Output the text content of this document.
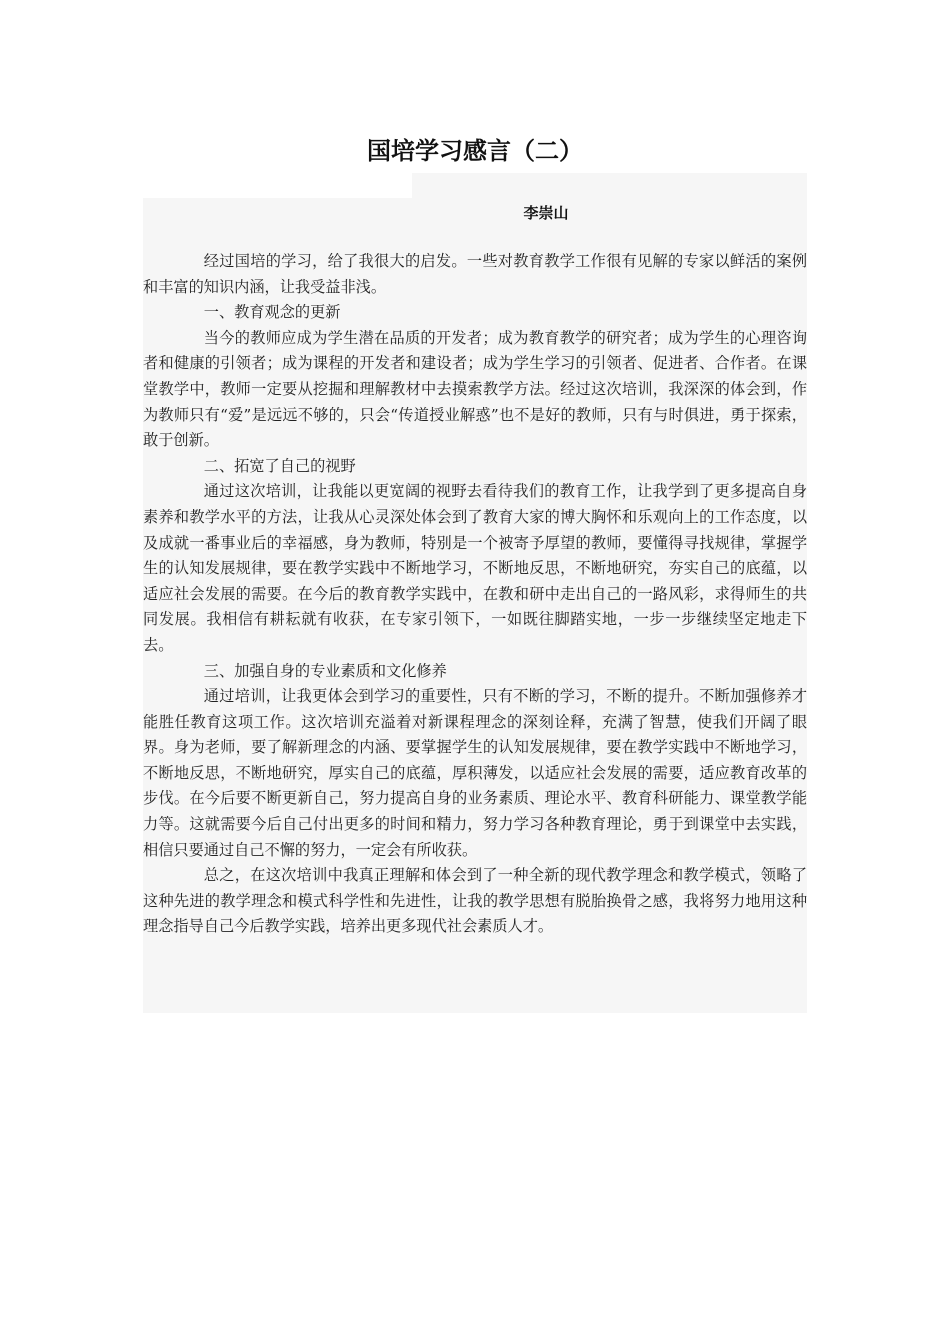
国培学习感言（二）
李崇山

经过国培的学习，给了我很大的启发。一些对教育教学工作很有见解的专家以鲜活的案例和丰富的知识内涵，让我受益非浅。

一、教育观念的更新

当今的教师应成为学生潜在品质的开发者；成为教育教学的研究者；成为学生的心理咨询者和健康的引领者；成为课程的开发者和建设者；成为学生学习的引领者、促进者、合作者。在课堂教学中，教师一定要从挖掘和理解教材中去摸索教学方法。经过这次培训，我深深的体会到，作为教师只有“爱”是远远不够的，只会“传道授业解惑”也不是好的教师，只有与时俱进，勇于探索，敢于创新。

二、拓宽了自己的视野

通过这次培训，让我能以更宽阔的视野去看待我们的教育工作，让我学到了更多提高自身素养和教学水平的方法，让我从心灵深处体会到了教育大家的博大胸怀和乐观向上的工作态度，以及成就一番事业后的幸福感，身为教师，特别是一个被寄予厚望的教师，要懂得寻找规律，掌握学生的认知发展规律，要在教学实践中不断地学习，不断地反思，不断地研究，夯实自己的底蕴，以适应社会发展的需要。在今后的教育教学实践中，在教和研中走出自己的一路风彩，求得师生的共同发展。我相信有耕耘就有收获，在专家引领下，一如既往脚踏实地，一步一步继续坚定地走下去。

三、加强自身的专业素质和文化修养

通过培训，让我更体会到学习的重要性，只有不断的学习，不断的提升。不断加强修养才能胜任教育这项工作。这次培训充溢着对新课程理念的深刻诠释，充满了智慧，使我们开阔了眼界。身为老师，要了解新理念的内涵、要掌握学生的认知发展规律，要在教学实践中不断地学习，不断地反思，不断地研究，厚实自己的底蕴，厚积薄发，以适应社会发展的需要，适应教育改革的步伐。在今后要不断更新自己，努力提高自身的业务素质、理论水平、教育科研能力、课堂教学能力等。这就需要今后自己付出更多的时间和精力，努力学习各种教育理论，勇于到课堂中去实践，相信只要通过自己不懈的努力，一定会有所收获。

总之，在这次培训中我真正理解和体会到了一种全新的现代教学理念和教学模式，领略了这种先进的教学理念和模式科学性和先进性，让我的教学思想有脱胎换骨之感，我将努力地用这种理念指导自己今后教学实践，培养出更多现代社会素质人才。
